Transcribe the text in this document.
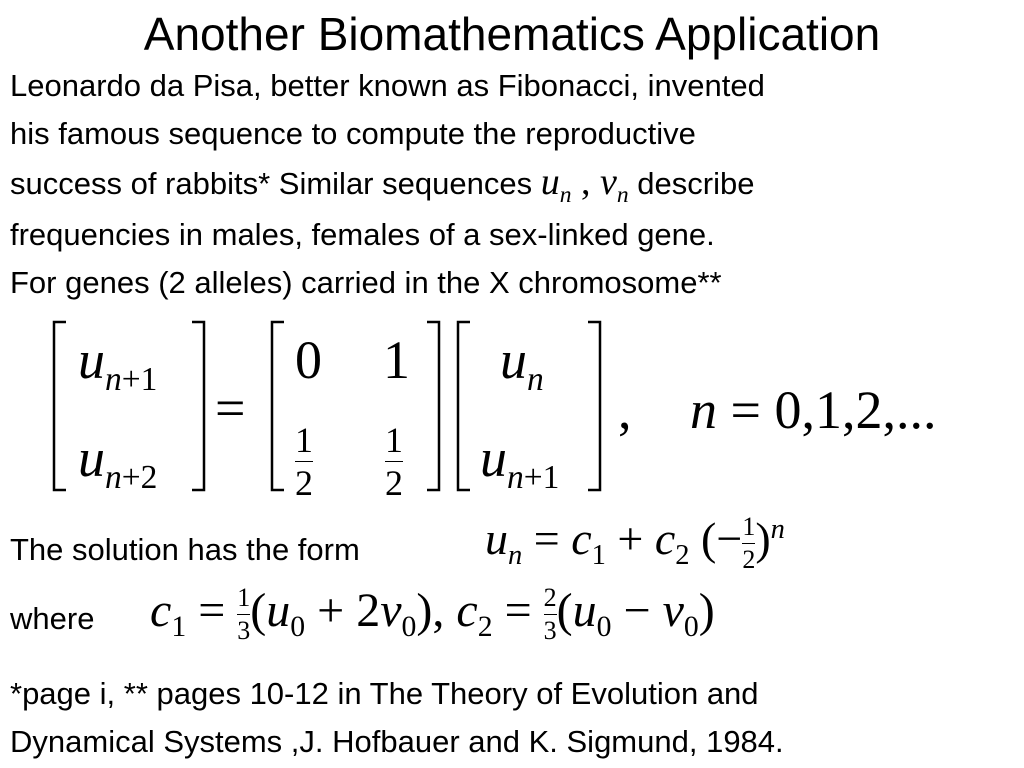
Another Biomathematics Application
Leonardo da Pisa, better known as Fibonacci, invented
his famous sequence to compute the reproductive
success of rabbits* Similar sequences $u_n$ , $v_n$ describe
frequencies in males, females of a sex-linked gene.
For genes (2 alleles) carried in the X chromosome**
$u_{n+1}$
$u_{n+2}$
=
0 1
$\frac{1}{2} \frac{1}{2}$
$u_n$
$u_{n+1}$
, n = 0,1,2,...
The solution has the form	$u_n = c_1 + c_2$ (− $\frac{1}{2} )^n$
where $c_1 = \frac{1}{3} (u_0 + 2v_0)$, $c_2 = \frac{2}{3} (u_0 - v_0)$
*page i, ** pages 10-12 in The Theory of Evolution and
Dynamical Systems ,J. Hofbauer and K. Sigmund, 1984.
